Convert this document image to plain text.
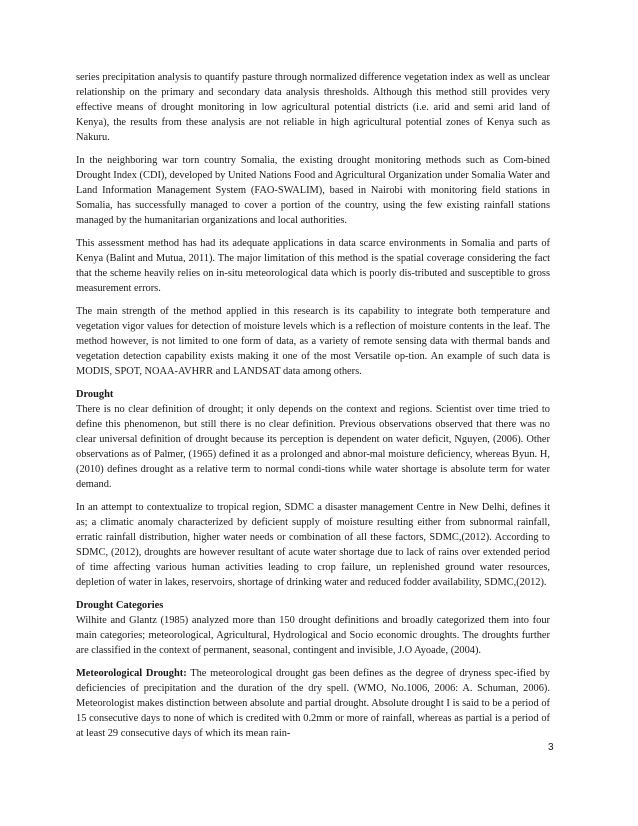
series precipitation analysis to quantify pasture through normalized difference vegetation index as well as unclear relationship on the primary and secondary data analysis thresholds. Although this method still provides very effective means of drought monitoring in low agricultural potential districts (i.e. arid and semi arid land of Kenya), the results from these analysis are not reliable in high agricultural potential zones of Kenya such as Nakuru.

In the neighboring war torn country Somalia, the existing drought monitoring methods such as Com-bined Drought Index (CDI), developed by United Nations Food and Agricultural Organization under Somalia Water and Land Information Management System (FAO-SWALIM), based in Nairobi with monitoring field stations in Somalia, has successfully managed to cover a portion of the country, using the few existing rainfall stations managed by the humanitarian organizations and local authorities.

This assessment method has had its adequate applications in data scarce environments in Somalia and parts of Kenya (Balint and Mutua, 2011). The major limitation of this method is the spatial coverage considering the fact that the scheme heavily relies on in-situ meteorological data which is poorly dis-tributed and susceptible to gross measurement errors.

The main strength of the method applied in this research is its capability to integrate both temperature and vegetation vigor values for detection of moisture levels which is a reflection of moisture contents in the leaf. The method however, is not limited to one form of data, as a variety of remote sensing data with thermal bands and vegetation detection capability exists making it one of the most Versatile op-tion. An example of such data is MODIS, SPOT, NOAA-AVHRR and LANDSAT data among others.

Drought

There is no clear definition of drought; it only depends on the context and regions. Scientist over time tried to define this phenomenon, but still there is no clear definition. Previous observations observed that there was no clear universal definition of drought because its perception is dependent on water deficit, Nguyen, (2006). Other observations as of Palmer, (1965) defined it as a prolonged and abnor-mal moisture deficiency, whereas Byun. H, (2010) defines drought as a relative term to normal condi-tions while water shortage is absolute term for water demand.

In an attempt to contextualize to tropical region, SDMC a disaster management Centre in New Delhi, defines it as; a climatic anomaly characterized by deficient supply of moisture resulting either from subnormal rainfall, erratic rainfall distribution, higher water needs or combination of all these factors, SDMC,(2012). According to SDMC, (2012), droughts are however resultant of acute water shortage due to lack of rains over extended period of time affecting various human activities leading to crop failure, un replenished ground water resources, depletion of water in lakes, reservoirs, shortage of drinking water and reduced fodder availability, SDMC,(2012).

Drought Categories

Wilhite and Glantz (1985) analyzed more than 150 drought definitions and broadly categorized them into four main categories; meteorological, Agricultural, Hydrological and Socio economic droughts. The droughts further are classified in the context of permanent, seasonal, contingent and invisible, J.O Ayoade, (2004).

Meteorological Drought: The meteorological drought gas been defines as the degree of dryness spec-ified by deficiencies of precipitation and the duration of the dry spell. (WMO, No.1006, 2006: A. Schuman, 2006). Meteorologist makes distinction between absolute and partial drought. Absolute drought I is said to be a period of 15 consecutive days to none of which is credited with 0.2mm or more of rainfall, whereas as partial is a period of at least 29 consecutive days of which its mean rain-

3
